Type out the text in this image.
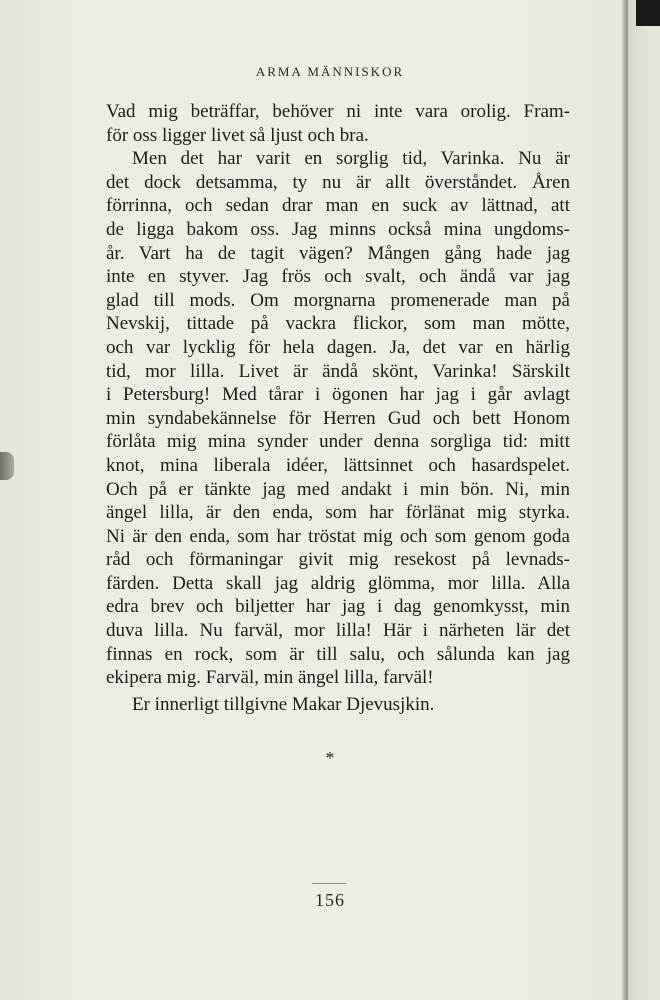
ARMA MÄNNISKOR
Vad mig beträffar, behöver ni inte vara orolig. Fram-
för oss ligger livet så ljust och bra.
Men det har varit en sorglig tid, Varinka. Nu är
det dock detsamma, ty nu är allt överståndet. Åren
förrinna, och sedan drar man en suck av lättnad, att
de ligga bakom oss. Jag minns också mina ungdoms-
år. Vart ha de tagit vägen? Mången gång hade jag
inte en styver. Jag frös och svalt, och ändå var jag
glad till mods. Om morgnarna promenerade man på
Nevskij, tittade på vackra flickor, som man mötte,
och var lycklig för hela dagen. Ja, det var en härlig
tid, mor lilla. Livet är ändå skönt, Varinka! Särskilt
i Petersburg! Med tårar i ögonen har jag i går avlagt
min syndabekännelse för Herren Gud och bett Honom
förlåta mig mina synder under denna sorgliga tid: mitt
knot, mina liberala idéer, lättsinnet och hasardspelet.
Och på er tänkte jag med andakt i min bön. Ni, min
ängel lilla, är den enda, som har förlänat mig styrka.
Ni är den enda, som har tröstat mig och som genom goda
råd och förmaningar givit mig resekost på levnads-
färden. Detta skall jag aldrig glömma, mor lilla. Alla
edra brev och biljetter har jag i dag genomkysst, min
duva lilla. Nu farväl, mor lilla! Här i närheten lär det
finnas en rock, som är till salu, och sålunda kan jag
ekipera mig. Farväl, min ängel lilla, farväl!
Er innerligt tillgivne Makar Djevusjkin.
*
156
